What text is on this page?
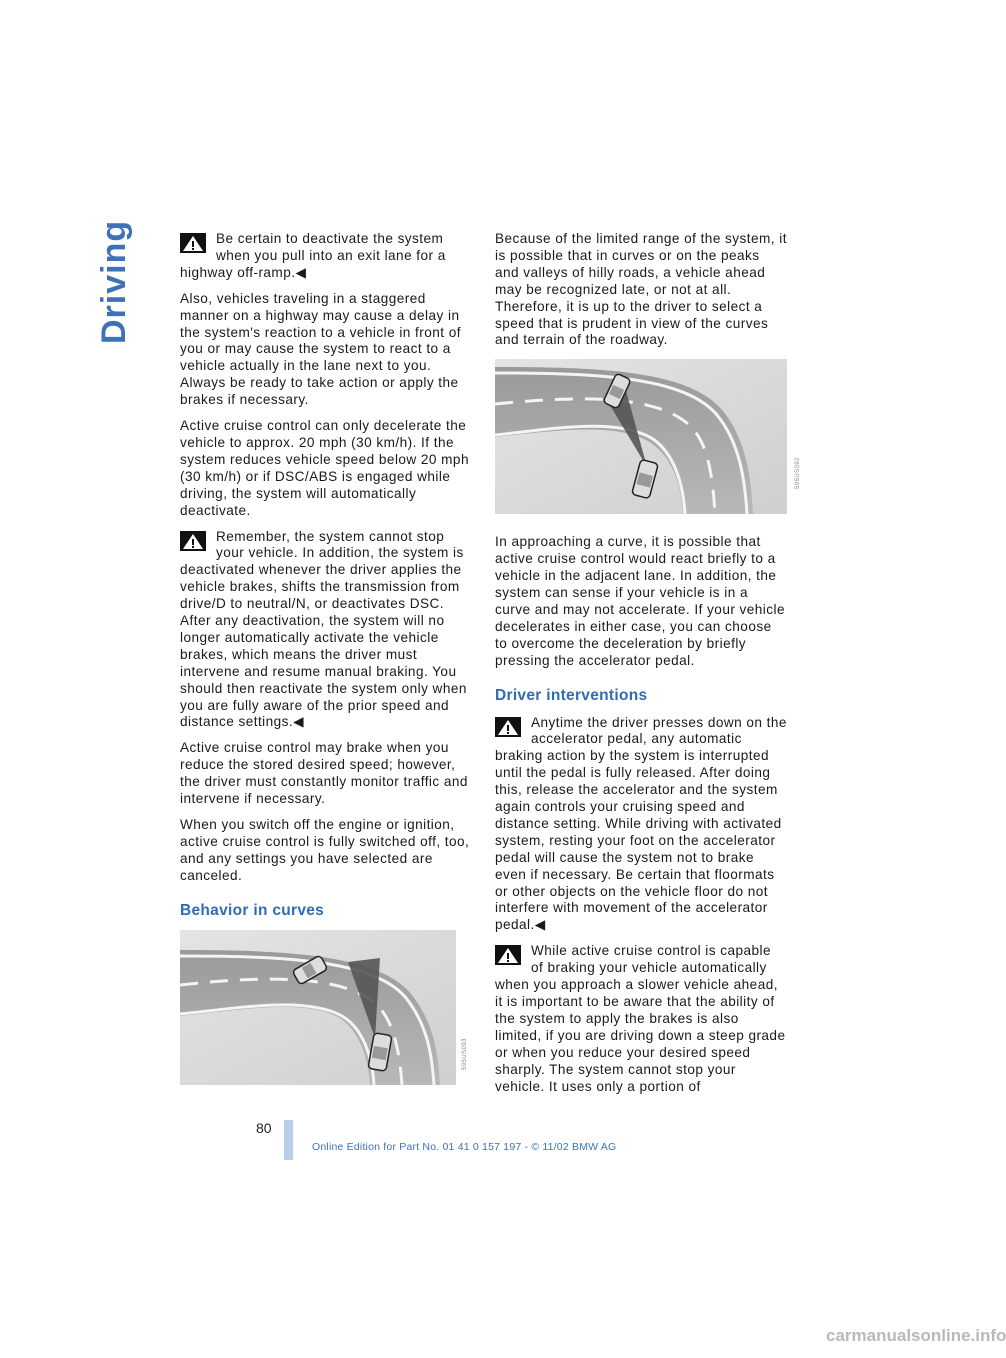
Driving	Be certain to deactivate the system when you pull into an exit lane for a highway off-ramp.◀

Also, vehicles traveling in a staggered manner on a highway may cause a delay in the system's reaction to a vehicle in front of you or may cause the system to react to a vehicle actually in the lane next to you. Always be ready to take action or apply the brakes if necessary.

Active cruise control can only decelerate the vehicle to approx. 20 mph (30 km/h). If the system reduces vehicle speed below 20 mph (30 km/h) or if DSC/ABS is engaged while driving, the system will automatically deactivate.

Remember, the system cannot stop your vehicle. In addition, the system is deactivated whenever the driver applies the vehicle brakes, shifts the transmission from drive/D to neutral/N, or deactivates DSC. After any deactivation, the system will no longer automatically activate the vehicle brakes, which means the driver must intervene and resume manual braking. You should then reactivate the system only when you are fully aware of the prior speed and distance settings.◀

Active cruise control may brake when you reduce the stored desired speed; however, the driver must constantly monitor traffic and intervene if necessary.

When you switch off the engine or ignition, active cruise control is fully switched off, too, and any settings you have selected are canceled.

Behavior in curves
595US093

Because of the limited range of the system, it is possible that in curves or on the peaks and valleys of hilly roads, a vehicle ahead may be recognized late, or not at all. Therefore, it is up to the driver to select a speed that is prudent in view of the curves and terrain of the roadway.

595US092

In approaching a curve, it is possible that active cruise control would react briefly to a vehicle in the adjacent lane. In addition, the system can sense if your vehicle is in a curve and may not accelerate. If your vehicle decelerates in either case, you can choose to overcome the deceleration by briefly pressing the accelerator pedal.

Driver interventions

Anytime the driver presses down on the accelerator pedal, any automatic braking action by the system is interrupted until the pedal is fully released. After doing this, release the accelerator and the system again controls your cruising speed and distance setting. While driving with activated system, resting your foot on the accelerator pedal will cause the system not to brake even if necessary. Be certain that floormats or other objects on the vehicle floor do not interfere with movement of the accelerator pedal.◀

While active cruise control is capable of braking your vehicle automatically when you approach a slower vehicle ahead, it is important to be aware that the ability of the system to apply the brakes is also limited, if you are driving down a steep grade or when you reduce your desired speed sharply. The system cannot stop your vehicle. It uses only a portion of

80
Online Edition for Part No. 01 41 0 157 197 - © 11/02 BMW AG
carmanualsonline.info
